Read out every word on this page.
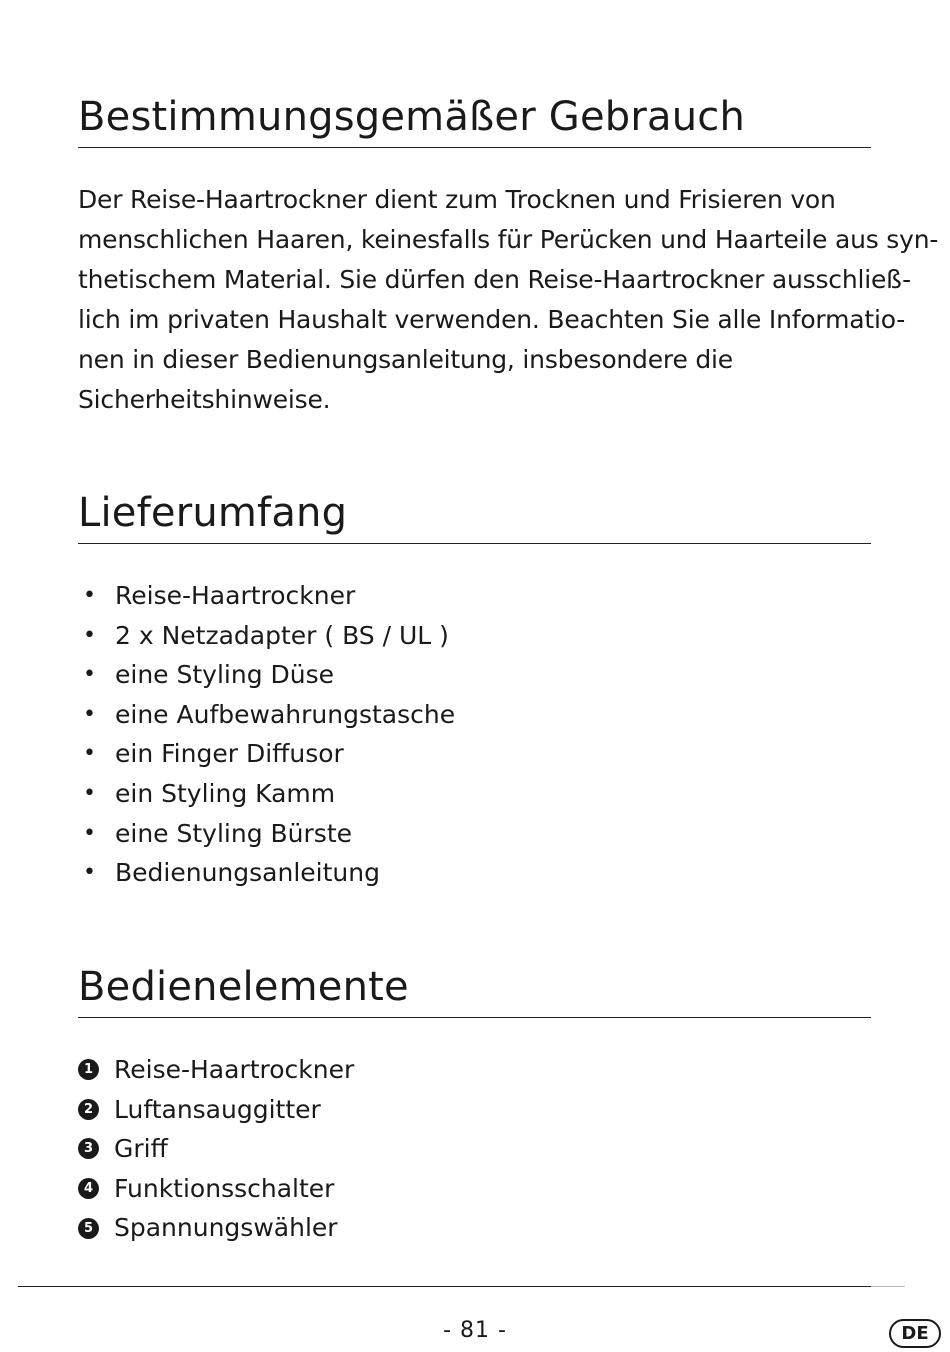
Bestimmungsgemäßer Gebrauch

Der Reise-Haartrockner dient zum Trocknen und Frisieren von
menschlichen Haaren, keinesfalls für Perücken und Haarteile aus syn-
thetischem Material. Sie dürfen den Reise-Haartrockner ausschließ-
lich im privaten Haushalt verwenden. Beachten Sie alle Informatio-
nen in dieser Bedienungsanleitung, insbesondere die
Sicherheitshinweise.

Lieferumfang
• Reise-Haartrockner
• 2 x Netzadapter ( BS / UL )
• eine Styling Düse
• eine Aufbewahrungstasche
• ein Finger Diffusor
• ein Styling Kamm
• eine Styling Bürste
• Bedienungsanleitung
Bedienelemente
1 Reise-Haartrockner
2 Luftansauggitter
3 Griff
4 Funktionsschalter
5 Spannungswähler
- 81 -	DE
